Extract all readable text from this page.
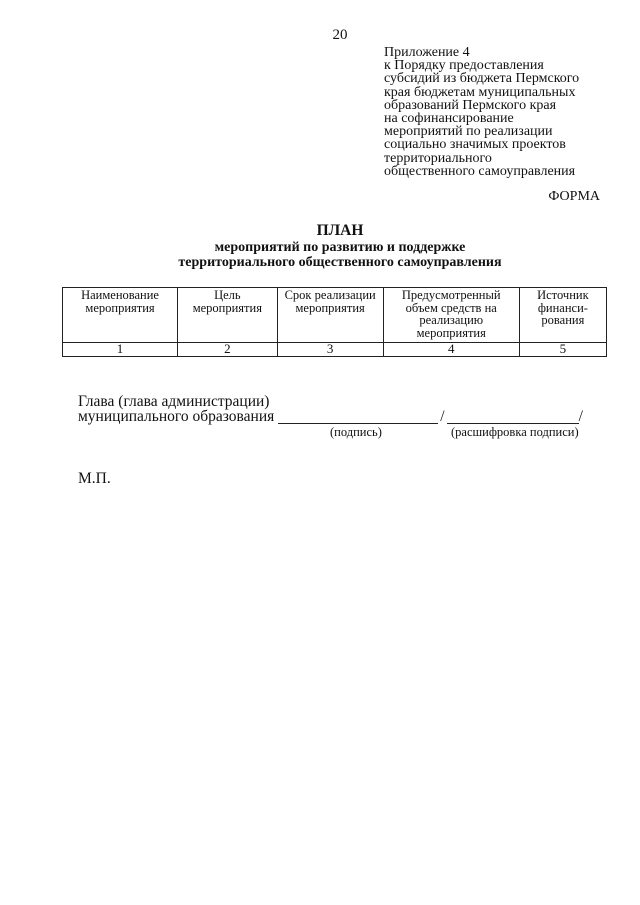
20
Приложение 4
к Порядку предоставления
субсидий из бюджета Пермского
края бюджетам муниципальных
образований Пермского края
на софинансирование
мероприятий по реализации
социально значимых проектов
территориального
общественного самоуправления
ФОРМА
ПЛАН
мероприятий по развитию и поддержке
территориального общественного самоуправления
Наименование мероприятия	Цель мероприятия	Срок реализации мероприятия	Предусмотренный объем средств на реализацию мероприятия	Источник финанси-рования
1	2	3	4	5
Глава (глава администрации)
муниципального образования	/	/
(подпись)	(расшифровка подписи)
М.П.
